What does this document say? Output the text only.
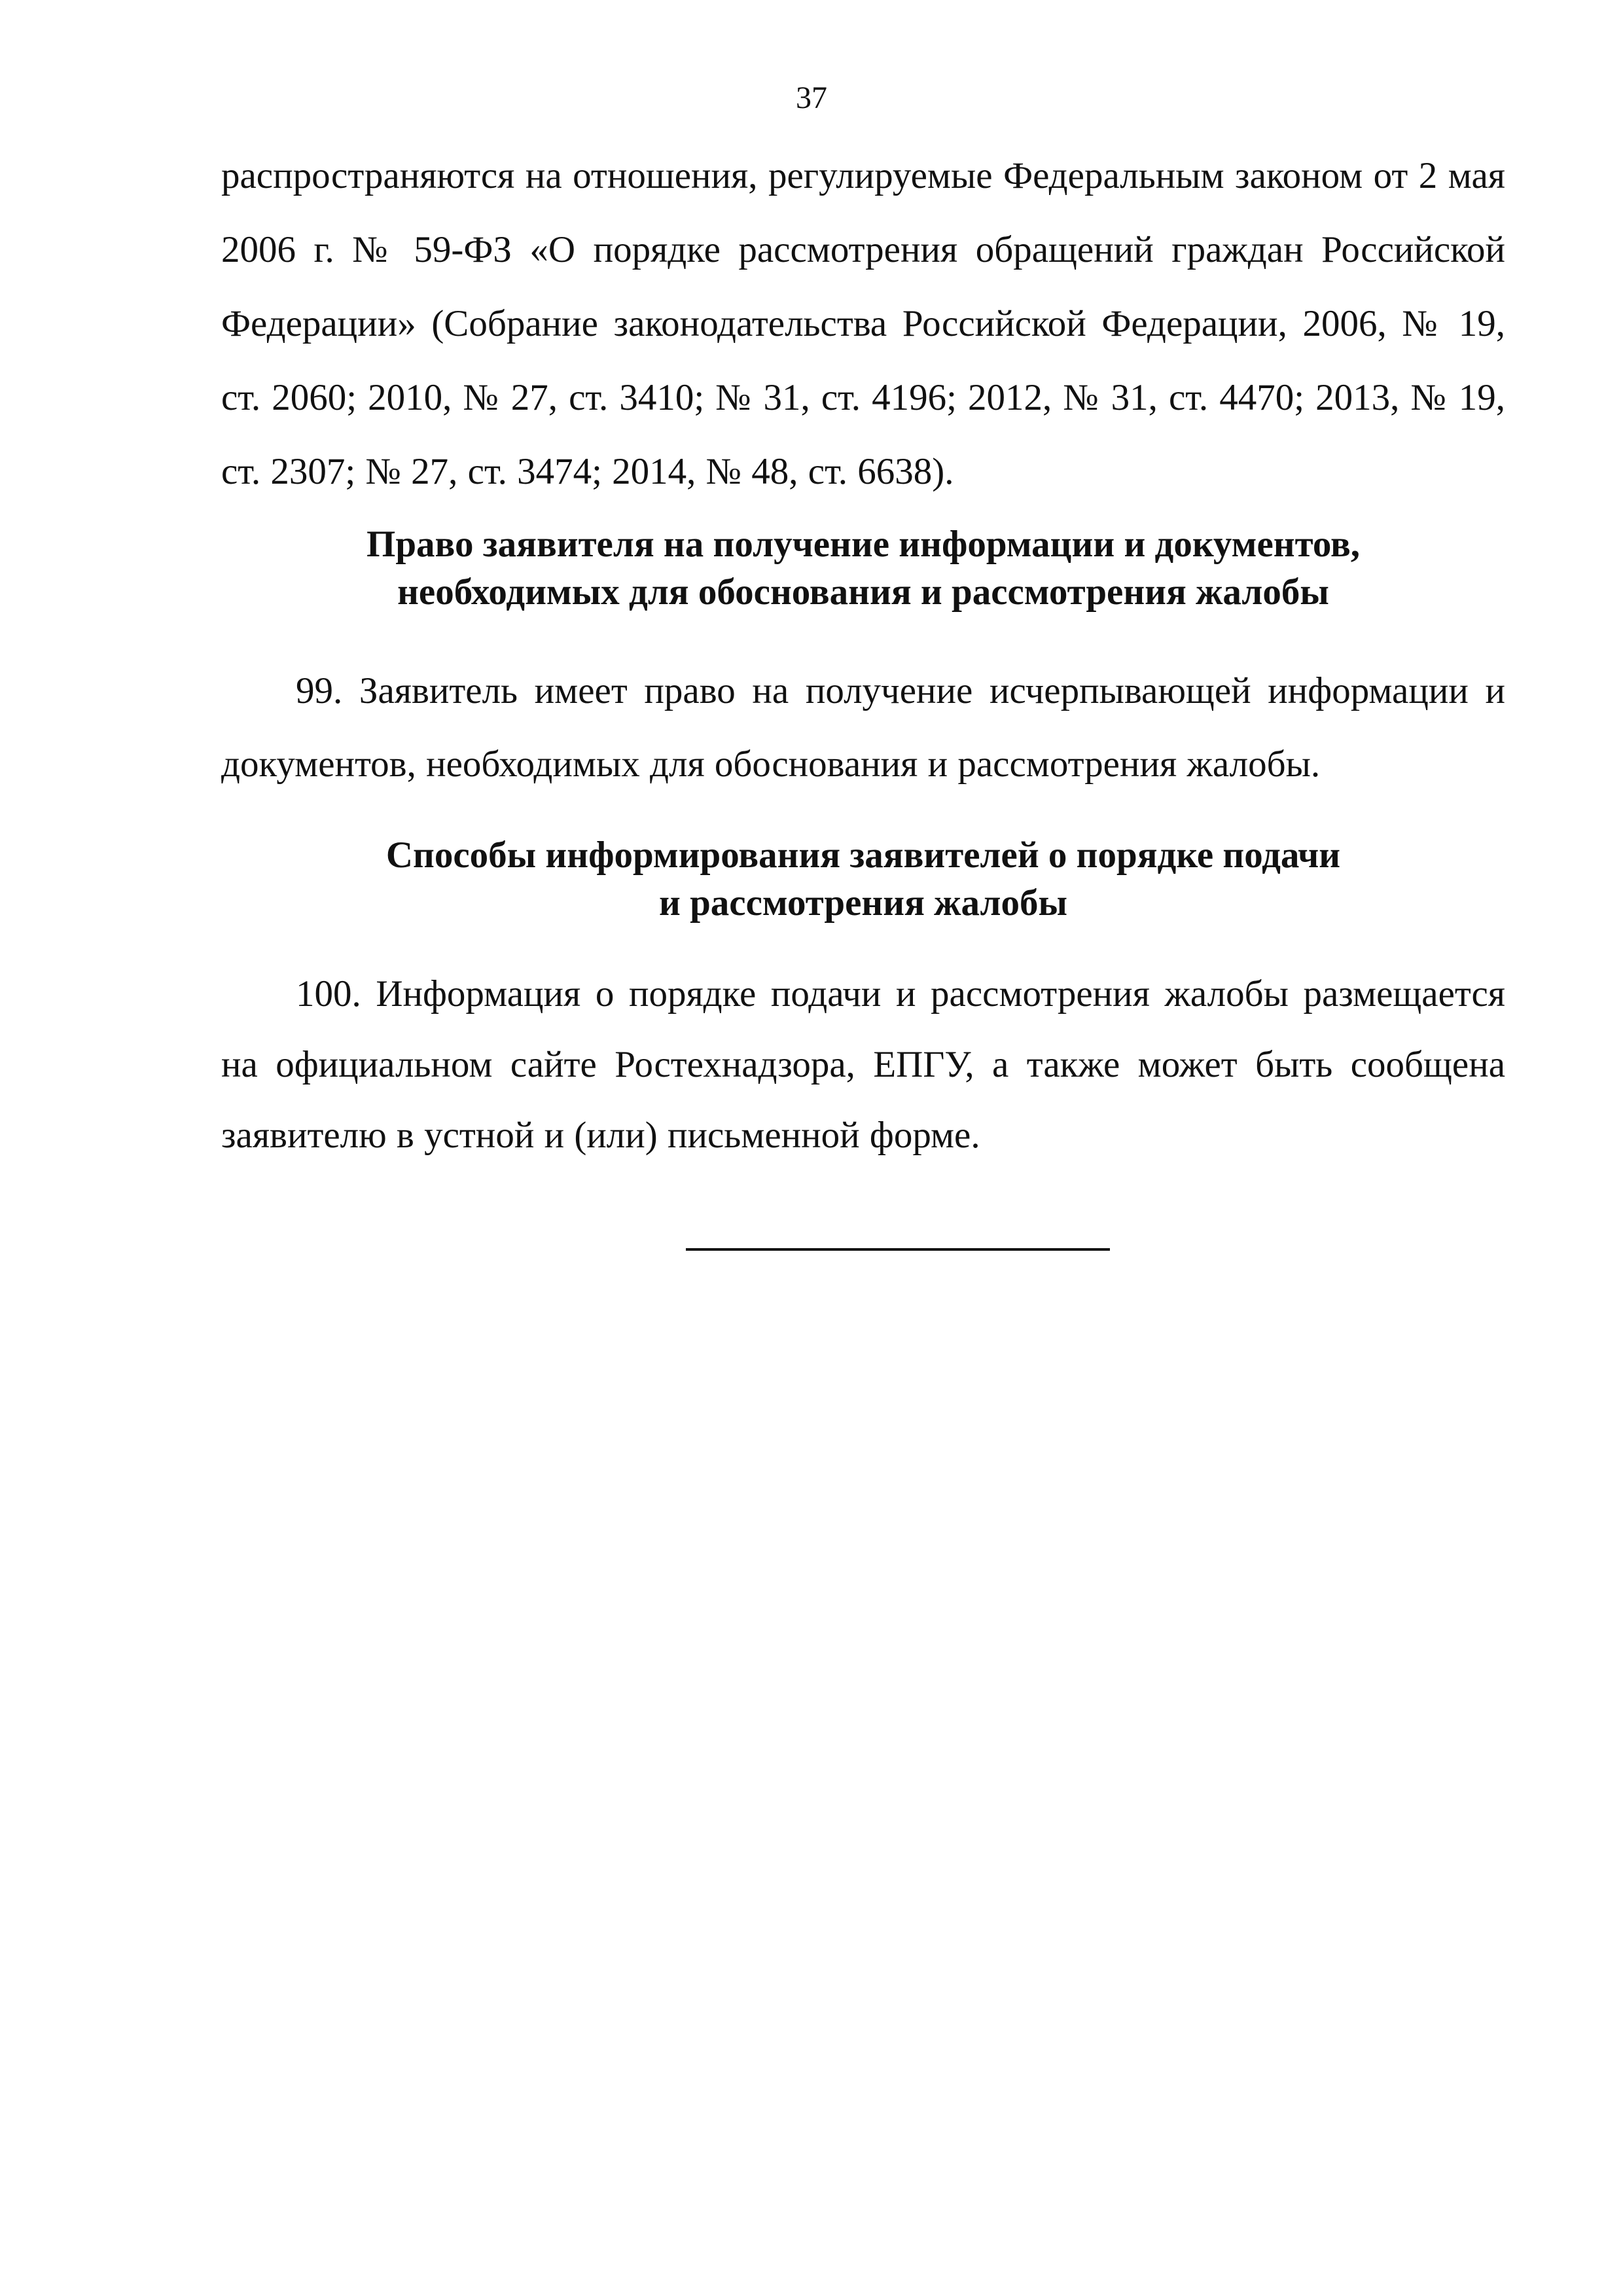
37

распространяются на отношения, регулируемые Федеральным законом от 2 мая 2006 г. № 59-ФЗ «О порядке рассмотрения обращений граждан Российской Федерации» (Собрание законодательства Российской Федерации, 2006, № 19, ст. 2060; 2010, № 27, ст. 3410; № 31, ст. 4196; 2012, № 31, ст. 4470; 2013, № 19, ст. 2307; № 27, ст. 3474; 2014, № 48, ст. 6638).

Право заявителя на получение информации и документов,
необходимых для обоснования и рассмотрения жалобы

99. Заявитель имеет право на получение исчерпывающей информации и документов, необходимых для обоснования и рассмотрения жалобы.

Способы информирования заявителей о порядке подачи
и рассмотрения жалобы

100. Информация о порядке подачи и рассмотрения жалобы размещается на официальном сайте Ростехнадзора, ЕПГУ, а также может быть сообщена заявителю в устной и (или) письменной форме.
